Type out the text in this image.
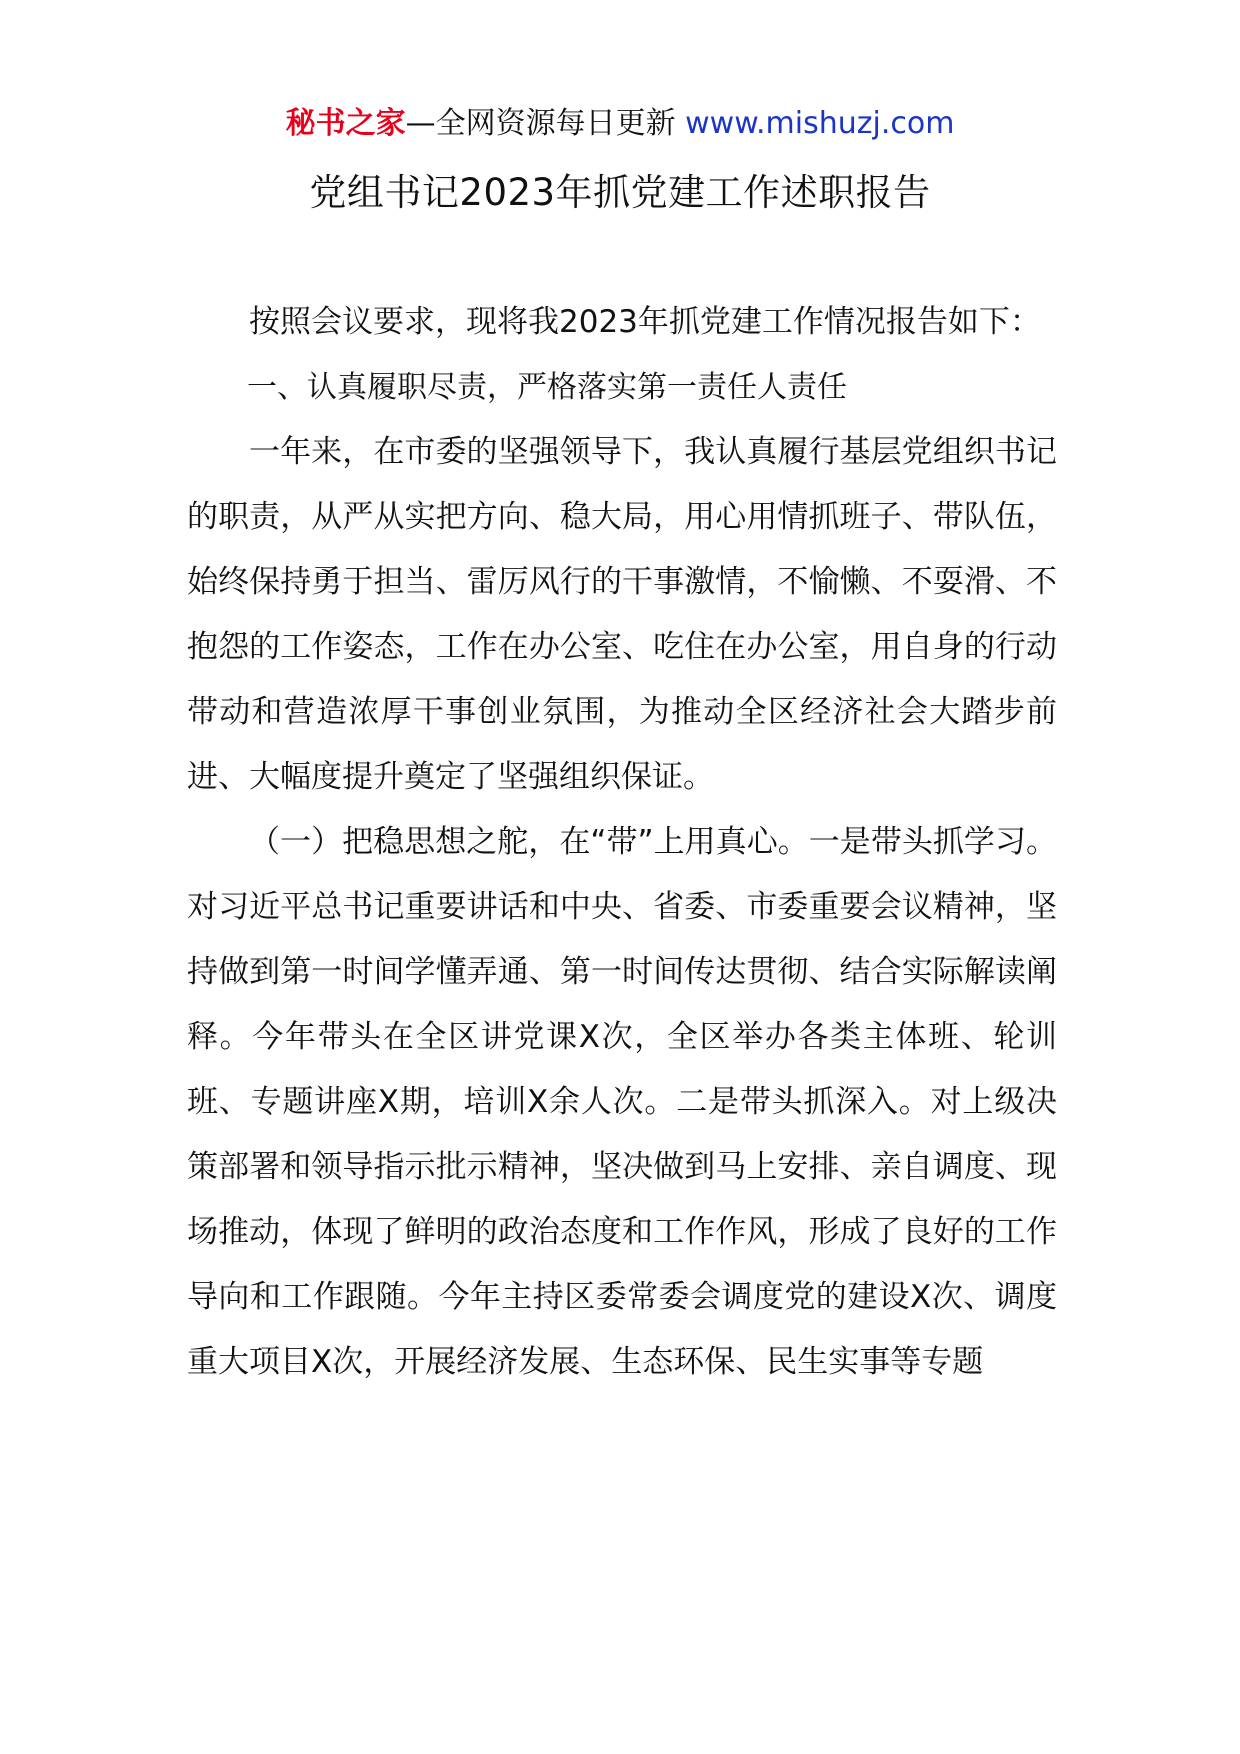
秘书之家—全网资源每日更新 www.mishuzj.com
党组书记2023年抓党建工作述职报告

按照会议要求，现将我2023年抓党建工作情况报告如下：

一、认真履职尽责，严格落实第一责任人责任

一年来，在市委的坚强领导下，我认真履行基层党组织书记的职责，从严从实把方向、稳大局，用心用情抓班子、带队伍，始终保持勇于担当、雷厉风行的干事激情，不愉懒、不耍滑、不抱怨的工作姿态，工作在办公室、吃住在办公室，用自身的行动带动和营造浓厚干事创业氛围，为推动全区经济社会大踏步前进、大幅度提升奠定了坚强组织保证。

（一）把稳思想之舵，在“带”上用真心。一是带头抓学习。对习近平总书记重要讲话和中央、省委、市委重要会议精神，坚持做到第一时间学懂弄通、第一时间传达贯彻、结合实际解读阐释。今年带头在全区讲党课X次，全区举办各类主体班、轮训班、专题讲座X期，培训X余人次。二是带头抓深入。对上级决策部署和领导指示批示精神，坚决做到马上安排、亲自调度、现场推动，体现了鲜明的政治态度和工作作风，形成了良好的工作导向和工作跟随。今年主持区委常委会调度党的建设X次、调度重大项目X次，开展经济发展、生态环保、民生实事等专题
